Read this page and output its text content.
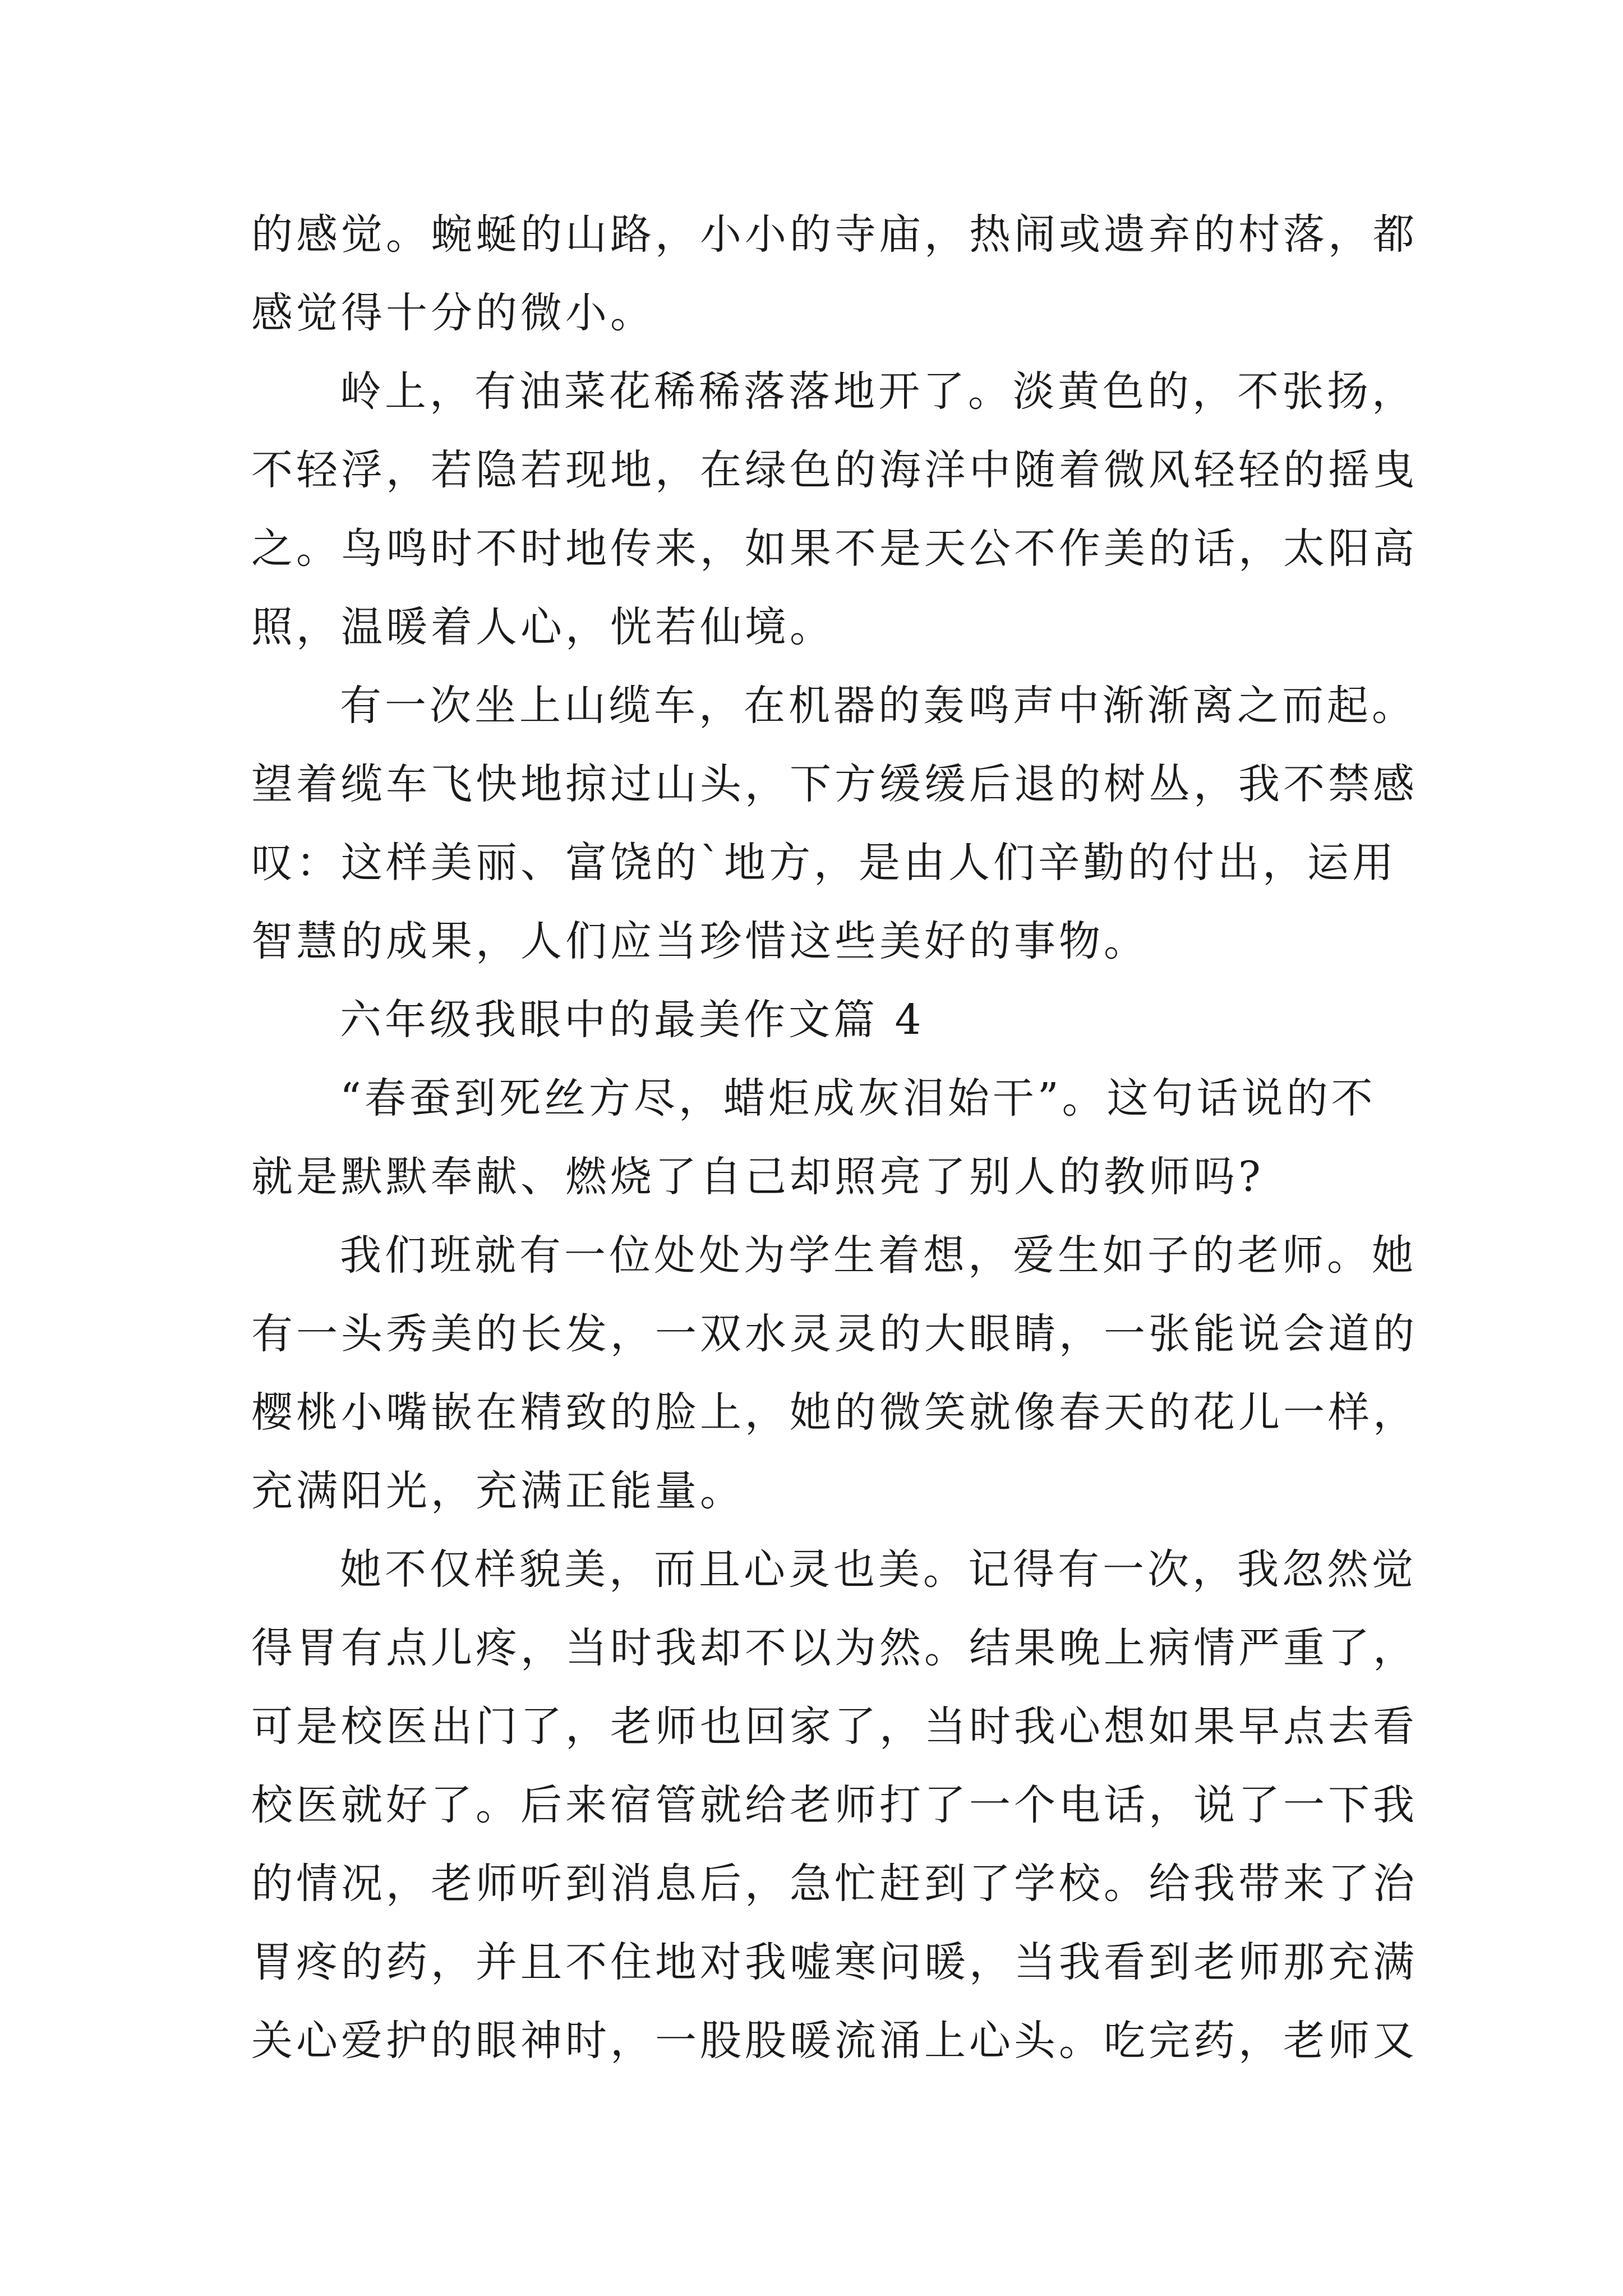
的感觉。蜿蜒的山路，小小的寺庙，热闹或遗弃的村落，都
感觉得十分的微小。

岭上，有油菜花稀稀落落地开了。淡黄色的，不张扬，

不轻浮，若隐若现地，在绿色的海洋中随着微风轻轻的摇曳
之。鸟鸣时不时地传来，如果不是天公不作美的话，太阳高
照，温暖着人心，恍若仙境。

有一次坐上山缆车，在机器的轰鸣声中渐渐离之而起。

望着缆车飞快地掠过山头，下方缓缓后退的树丛，我不禁感
叹：这样美丽、富饶的`地方，是由人们辛勤的付出，运用
智慧的成果，人们应当珍惜这些美好的事物。

六年级我眼中的最美作文篇 4

“春蚕到死丝方尽，蜡炬成灰泪始干”。这句话说的不

就是默默奉献、燃烧了自己却照亮了别人的教师吗?

我们班就有一位处处为学生着想，爱生如子的老师。她

有一头秀美的长发，一双水灵灵的大眼睛，一张能说会道的
樱桃小嘴嵌在精致的脸上，她的微笑就像春天的花儿一样，
充满阳光，充满正能量。

她不仅样貌美，而且心灵也美。记得有一次，我忽然觉

得胃有点儿疼，当时我却不以为然。结果晚上病情严重了，
可是校医出门了，老师也回家了，当时我心想如果早点去看
校医就好了。后来宿管就给老师打了一个电话，说了一下我
的情况，老师听到消息后，急忙赶到了学校。给我带来了治
胃疼的药，并且不住地对我嘘寒问暖，当我看到老师那充满
关心爱护的眼神时，一股股暖流涌上心头。吃完药，老师又
